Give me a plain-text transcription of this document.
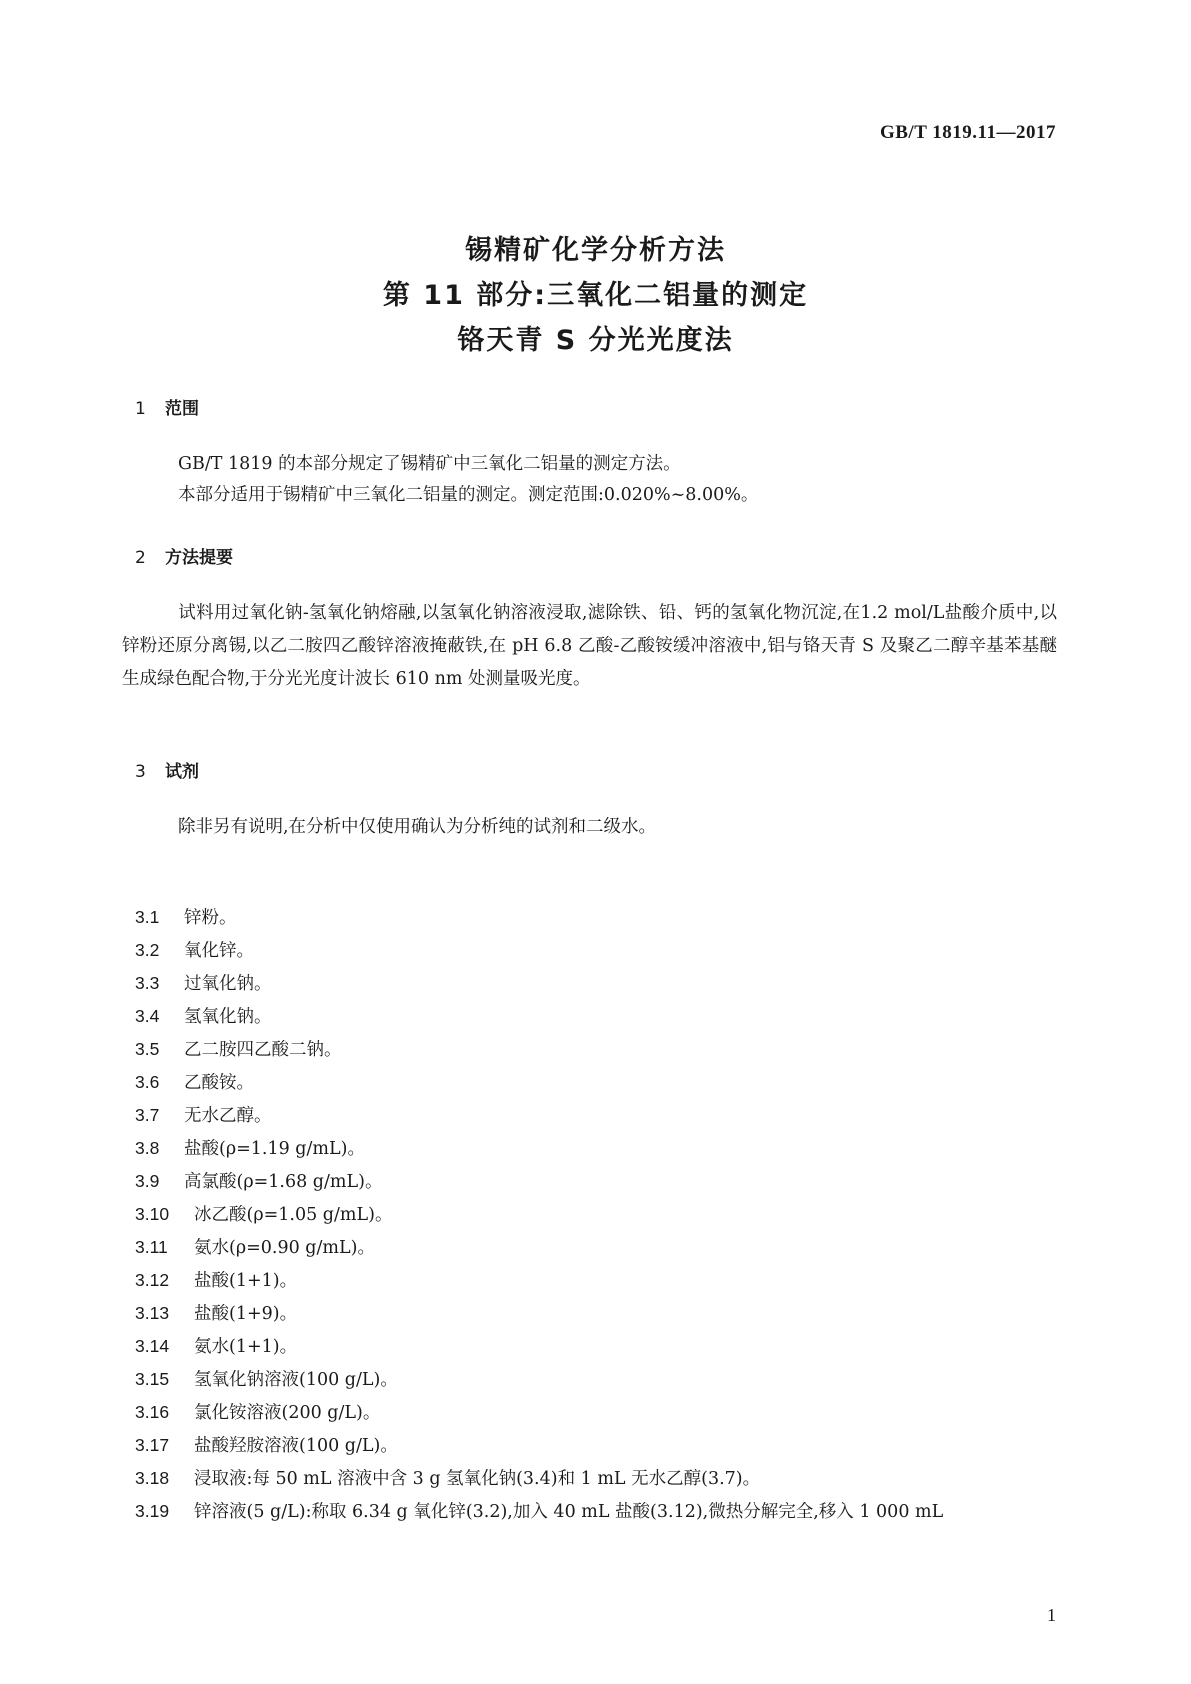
GB/T 1819.11—2017
锡精矿化学分析方法
第 11 部分:三氧化二铝量的测定
铬天青 S 分光光度法
1 范围
GB/T 1819 的本部分规定了锡精矿中三氧化二铝量的测定方法。
本部分适用于锡精矿中三氧化二铝量的测定。测定范围:0.020%~8.00%。
2 方法提要
试料用过氧化钠-氢氧化钠熔融,以氢氧化钠溶液浸取,滤除铁、铅、钙的氢氧化物沉淀,在1.2 mol/L盐酸介质中,以锌粉还原分离锡,以乙二胺四乙酸锌溶液掩蔽铁,在 pH 6.8 乙酸-乙酸铵缓冲溶液中,铝与铬天青 S 及聚乙二醇辛基苯基醚生成绿色配合物,于分光光度计波长 610 nm 处测量吸光度。
3 试剂
除非另有说明,在分析中仅使用确认为分析纯的试剂和二级水。
3.1 锌粉。
3.2 氧化锌。
3.3 过氧化钠。
3.4 氢氧化钠。
3.5 乙二胺四乙酸二钠。
3.6 乙酸铵。
3.7 无水乙醇。
3.8 盐酸(ρ=1.19 g/mL)。
3.9 高氯酸(ρ=1.68 g/mL)。
3.10 冰乙酸(ρ=1.05 g/mL)。
3.11 氨水(ρ=0.90 g/mL)。
3.12 盐酸(1+1)。
3.13 盐酸(1+9)。
3.14 氨水(1+1)。
3.15 氢氧化钠溶液(100 g/L)。
3.16 氯化铵溶液(200 g/L)。
3.17 盐酸羟胺溶液(100 g/L)。
3.18 浸取液:每 50 mL 溶液中含 3 g 氢氧化钠(3.4)和 1 mL 无水乙醇(3.7)。
3.19 锌溶液(5 g/L):称取 6.34 g 氧化锌(3.2),加入 40 mL 盐酸(3.12),微热分解完全,移入 1 000 mL
1
